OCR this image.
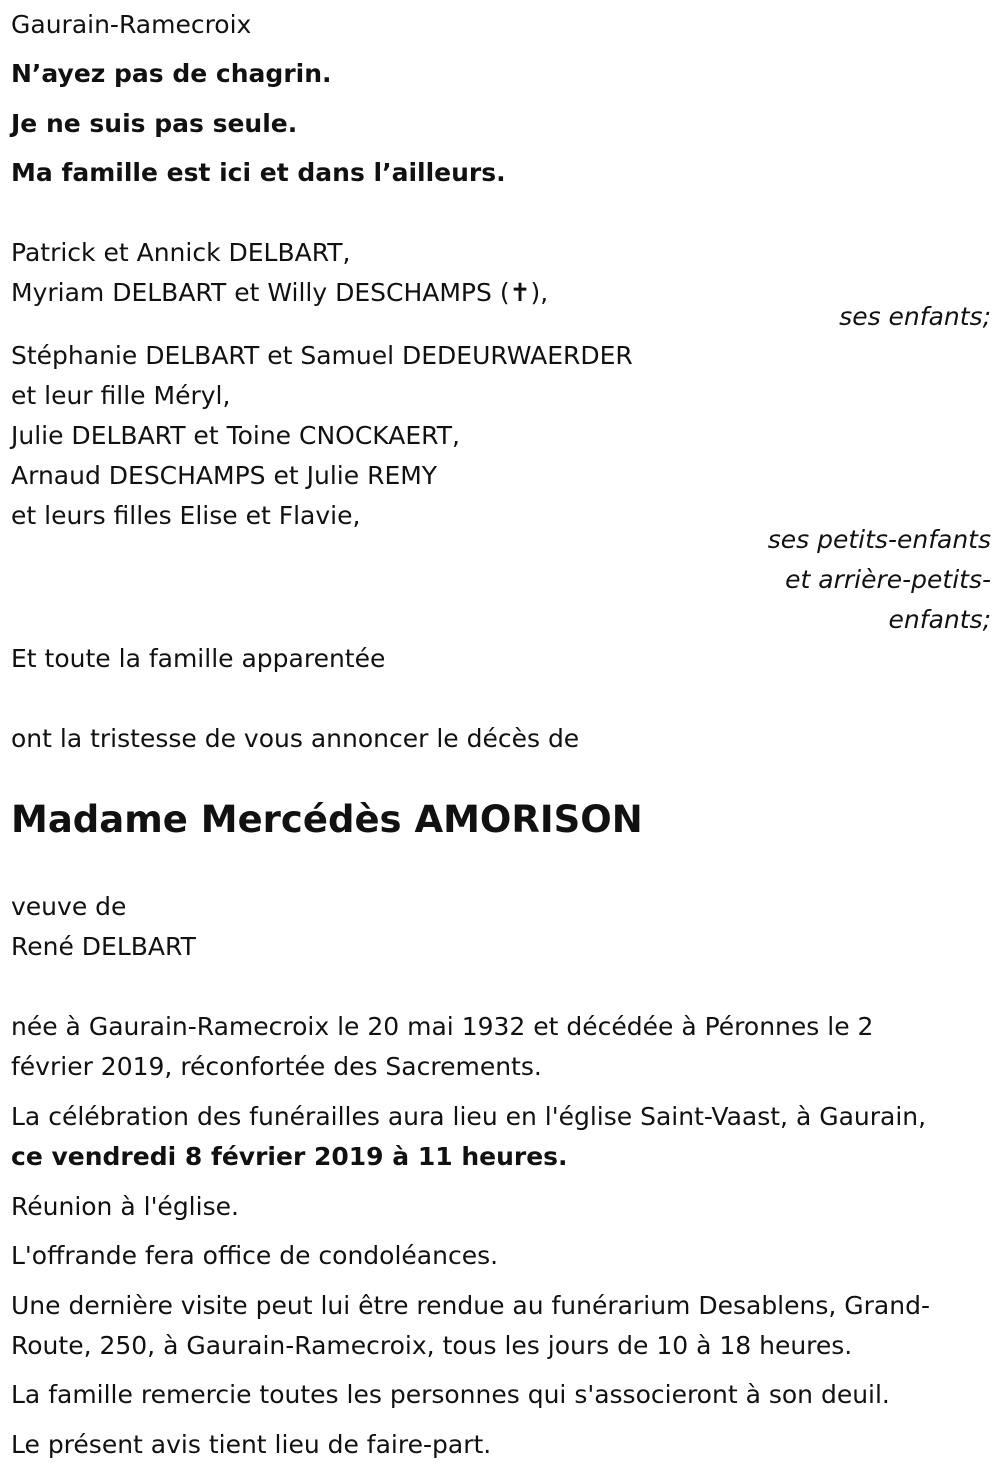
Gaurain-Ramecroix
N’ayez pas de chagrin.
Je ne suis pas seule.
Ma famille est ici et dans l’ailleurs.
Patrick et Annick DELBART,
Myriam DELBART et Willy DESCHAMPS (✝),
ses enfants;
Stéphanie DELBART et Samuel DEDEURWAERDER
et leur fille Méryl,
Julie DELBART et Toine CNOCKAERT,
Arnaud DESCHAMPS et Julie REMY
et leurs filles Elise et Flavie,
ses petits-enfants
et arrière-petits-
enfants;
Et toute la famille apparentée
ont la tristesse de vous annoncer le décès de
Madame Mercédès AMORISON
veuve de
René DELBART
née à Gaurain-Ramecroix le 20 mai 1932 et décédée à Péronnes le 2
février 2019, réconfortée des Sacrements.
La célébration des funérailles aura lieu en l'église Saint-Vaast, à Gaurain,
ce vendredi 8 février 2019 à 11 heures.
Réunion à l'église.
L'offrande fera office de condoléances.
Une dernière visite peut lui être rendue au funérarium Desablens, Grand-
Route, 250, à Gaurain-Ramecroix, tous les jours de 10 à 18 heures.
La famille remercie toutes les personnes qui s'associeront à son deuil.
Le présent avis tient lieu de faire-part.
